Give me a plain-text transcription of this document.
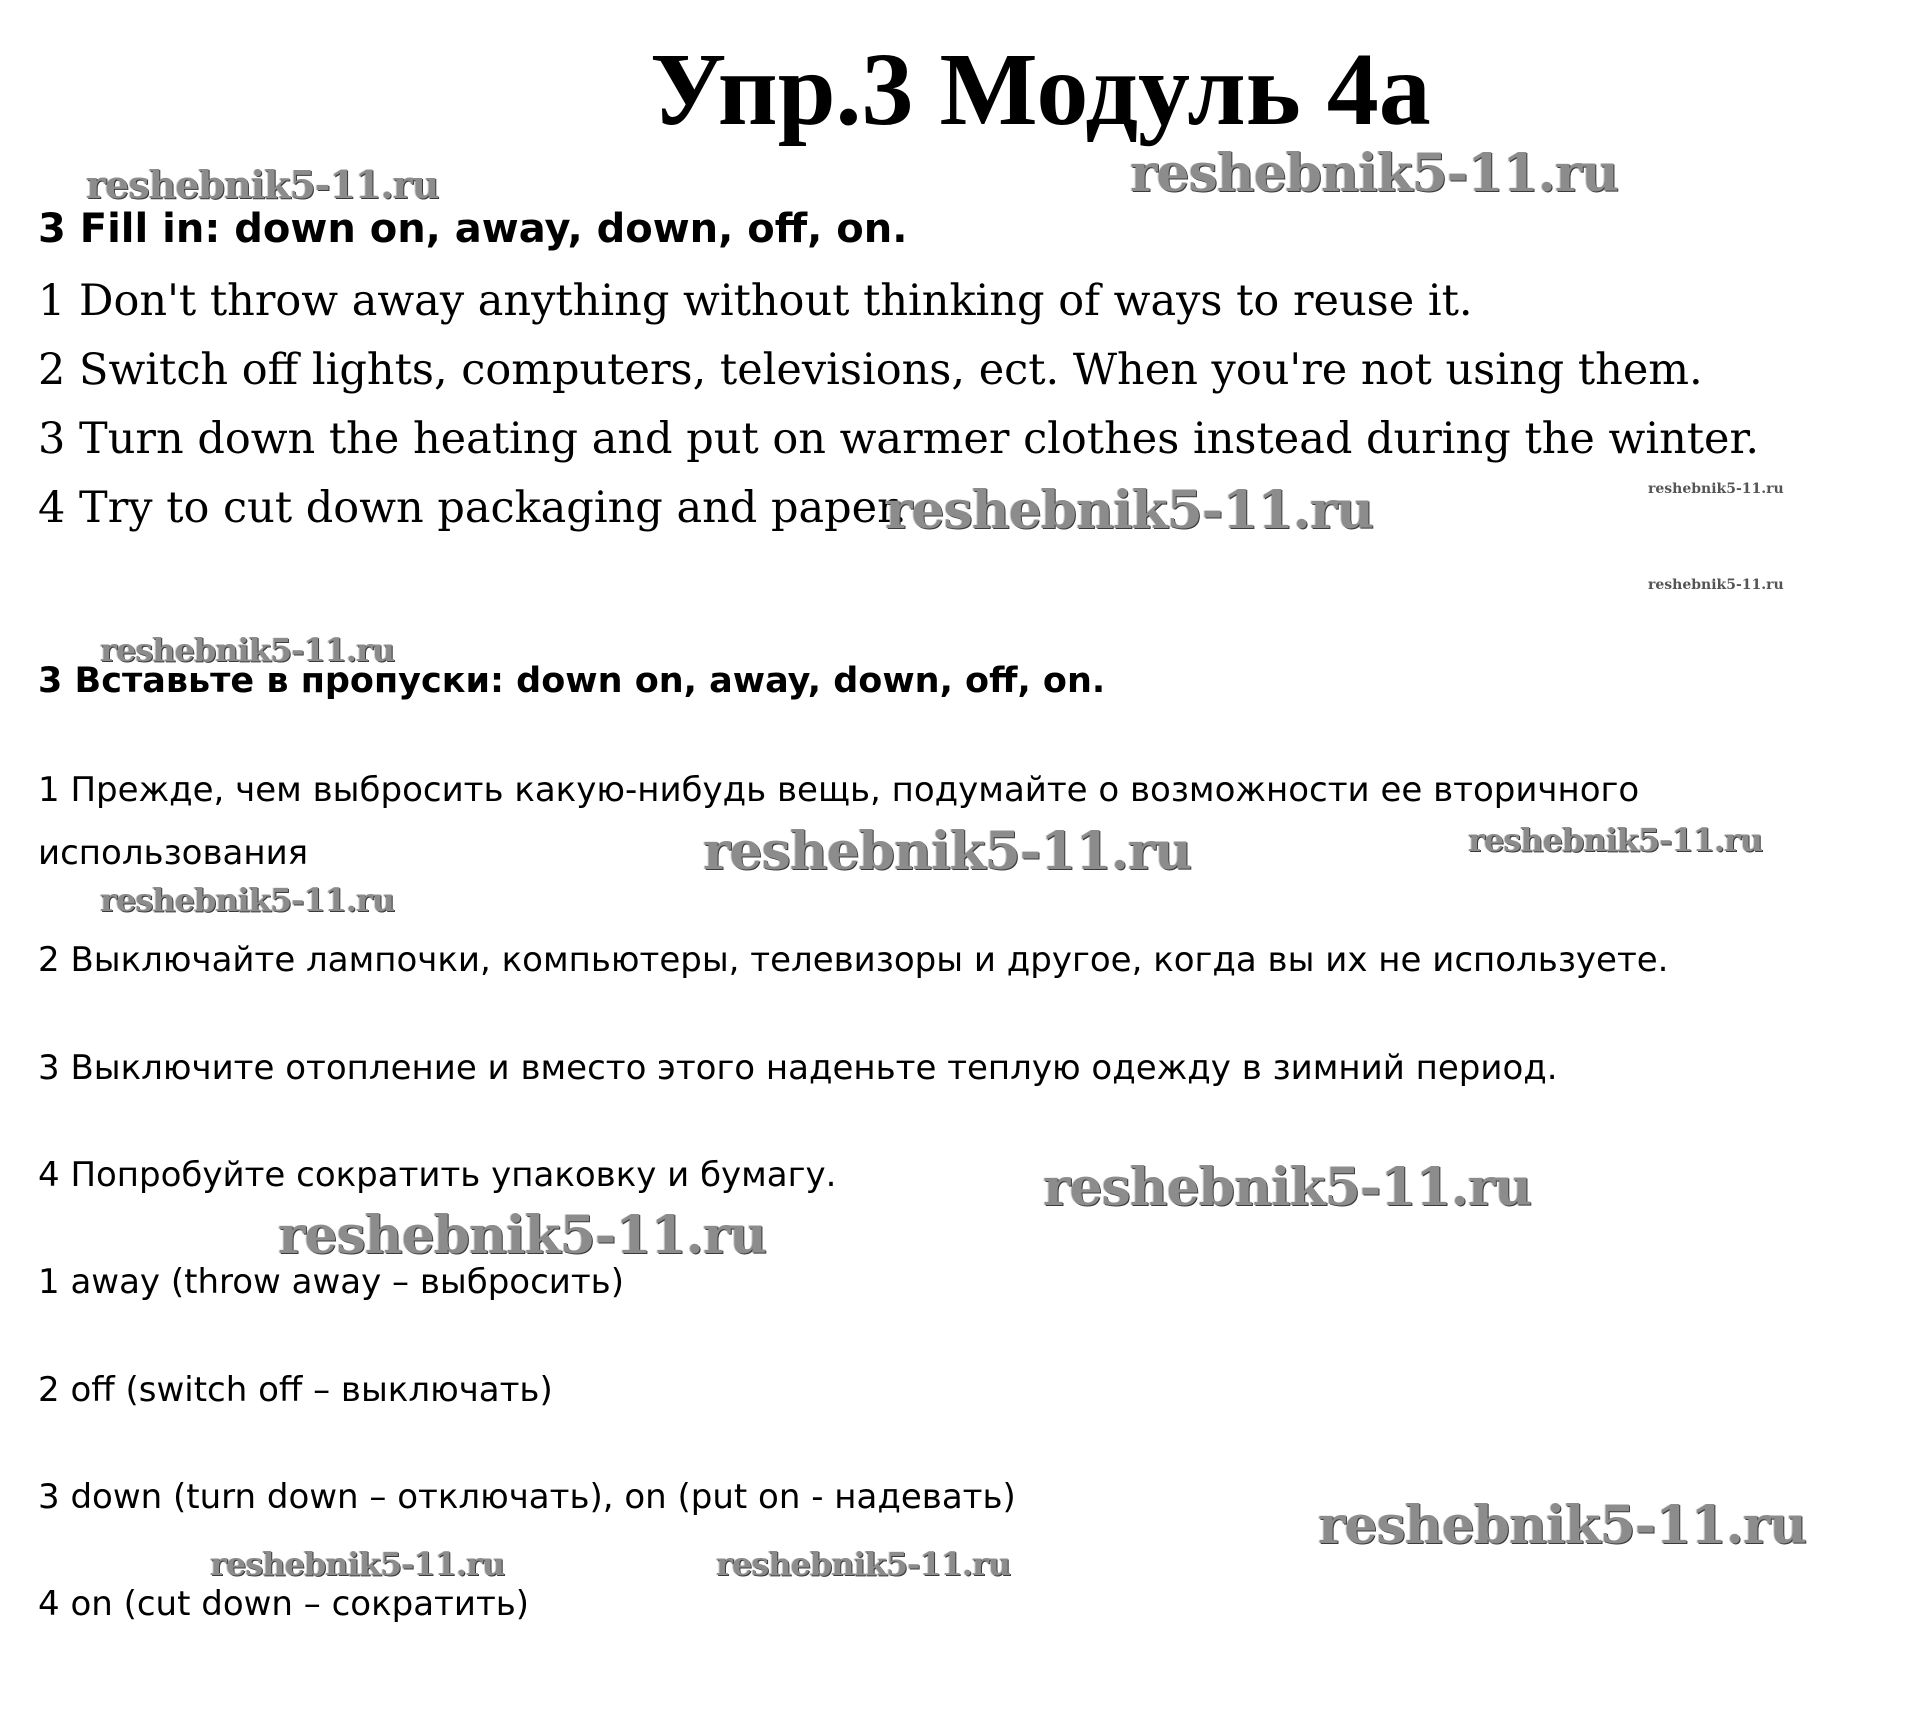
Упр.3 Модуль 4а
3 Fill in: down on, away, down, off, on.
1 Don't throw away anything without thinking of ways to reuse it.
2 Switch off lights, computers, televisions, ect. When you're not using them.
3 Turn down the heating and put on warmer clothes instead during the winter.
4 Try to cut down packaging and paper.
3 Вставьте в пропуски: down on, away, down, off, on.
1 Прежде, чем выбросить какую-нибудь вещь, подумайте о возможности ее вторичного
использования
2 Выключайте лампочки, компьютеры, телевизоры и другое, когда вы их не используете.
3 Выключите отопление и вместо этого наденьте теплую одежду в зимний период.
4 Попробуйте сократить упаковку и бумагу.
1 away (throw away – выбросить)
2 off (switch off – выключать)
3 down (turn down – отключать), on (put on - надевать)
4 on (cut down – сократить)
reshebnik5-11.ru	reshebnik5-11.ru
reshebnik5-11.ru	reshebnik5-11.ru
reshebnik5-11.ru
reshebnik5-11.ru
reshebnik5-11.ru	reshebnik5-11.ru
reshebnik5-11.ru
reshebnik5-11.ru
reshebnik5-11.ru
reshebnik5-11.ru
reshebnik5-11.ru	reshebnik5-11.ru
